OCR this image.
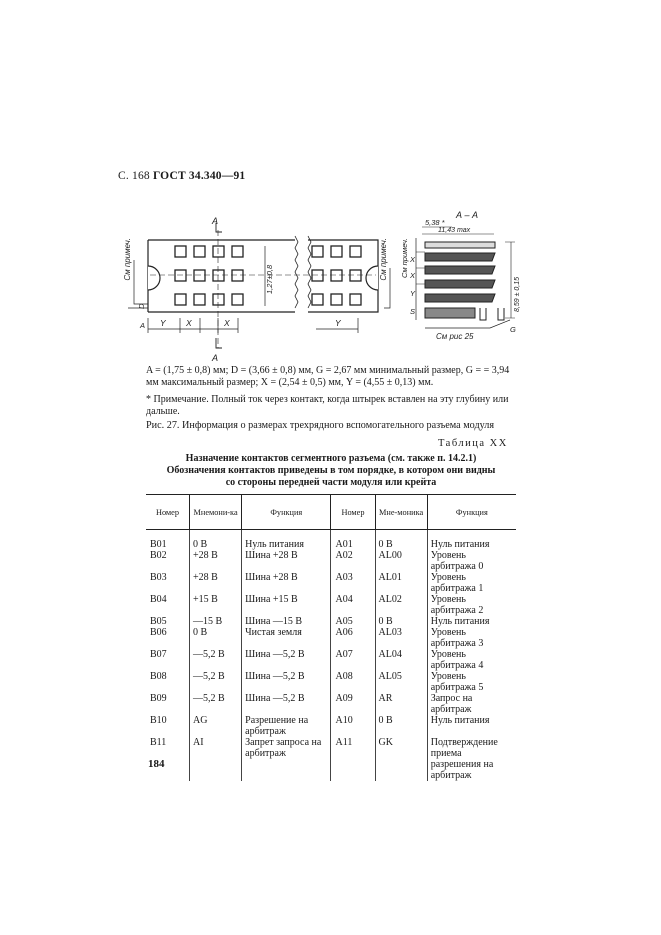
С. 168 ГОСТ 34.340—91
См примеч.
A
A
Y X	X	Y
1,27±0,8
D
A
См примеч.
А – А
5,38 *
11,43 max
8,59 ± 0,15
См рис 25
G
X
X
Y
S
См примеч.
A = (1,75 ± 0,8) мм; D = (3,66 ± 0,8) мм, G = 2,67 мм минимальный размер, G = = 3,94 мм максимальный размер; X = (2,54 ± 0,5) мм, Y = (4,55 ± 0,13) мм.
* Примечание. Полный ток через контакт, когда штырек вставлен на эту глубину или дальше.
Рис. 27. Информация о размерах трехрядного вспомогательного разъема модуля
Таблица XX
Назначение контактов сегментного разъема (см. также п. 14.2.1)
Обозначения контактов приведены в том порядке, в котором они видны
со стороны передней части модуля или крейта
Номер	Мнемони-ка	Функция	Номер	Мне-моника	Функция
B01	0 В	Нуль питания	A01	0 В	Нуль питания
B02	+28 В	Шина +28 В	A02	AL00	Уровень арбитража 0
B03	+28 В	Шина +28 В	A03	AL01	Уровень арбитража 1
B04	+15 В	Шина +15 В	A04	AL02	Уровень арбитража 2
B05	—15 В	Шина —15 В	A05	0 В	Нуль питания
B06	0 В	Чистая земля	A06	AL03	Уровень арбитража 3
B07	—5,2 В	Шина —5,2 В	A07	AL04	Уровень арбитража 4
B08	—5,2 В	Шина —5,2 В	A08	AL05	Уровень арбитража 5
B09	—5,2 В	Шина —5,2 В	A09	AR	Запрос на арбитраж
B10	AG	Разрешение на арбитраж	A10	0 В	Нуль питания
B11	AI	Запрет запроса на арбитраж	A11	GK	Подтверждение приема разрешения на арбитраж
184
